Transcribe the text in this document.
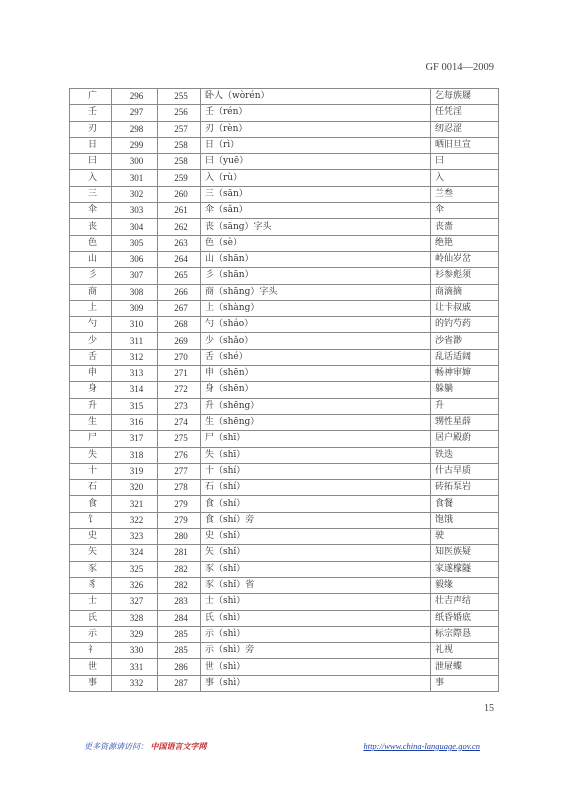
GF 0014—2009
广	296	255	卧人（wòrén）	乞每族屦
壬	297	256	壬（rén）	任凭淫
刃	298	257	刃（rèn）	纫忍涩
日	299	258	日（rì）	晒旧旦宣
曰	300	258	曰（yuē）	曰
入	301	259	入（rù）	入
三	302	260	三（sān）	兰叁
伞	303	261	伞（sǎn）	伞
丧	304	262	丧（sāng）字头	丧嗇
色	305	263	色（sè）	绝艳
山	306	264	山（shān）	岭仙岁岔
彡	307	265	彡（shān）	衫参彪须
商	308	266	商（shāng）字头	商滴摘
上	309	267	上（shàng）	让卡叔戚
勺	310	268	勺（sháo）	的钓芍药
少	311	269	少（shǎo）	沙省渺
舌	312	270	舌（shé）	乱话适阔
申	313	271	申（shēn）	畅神审婶
身	314	272	身（shēn）	躲躺
升	315	273	升（shēng）	升
生	316	274	生（shēng）	甥性星薛
尸	317	275	尸（shī）	居户殿蔚
失	318	276	失（shī）	铁迭
十	319	277	十（shí）	什古早质
石	320	278	石（shí）	砖拓泵岩
食	321	279	食（shí）	食餐
饣	322	279	食（shí）旁	饱饿
史	323	280	史（shǐ）	驶
矢	324	281	矢（shǐ）	知医族疑
豕	325	282	豕（shǐ）	家遂檬隧
豸	326	282	豕（shǐ）省	毅缘
士	327	283	士（shì）	壮吉声结
氏	328	284	氏（shì）	纸昏婚底
示	329	285	示（shì）	标宗際恳
礻	330	285	示（shì）旁	礼视
世	331	286	世（shì）	泄屉蝶
事	332	287	事（shì）	事
15
更多资源请访问： 中国语言文字网	http://www.china-language.gov.cn
